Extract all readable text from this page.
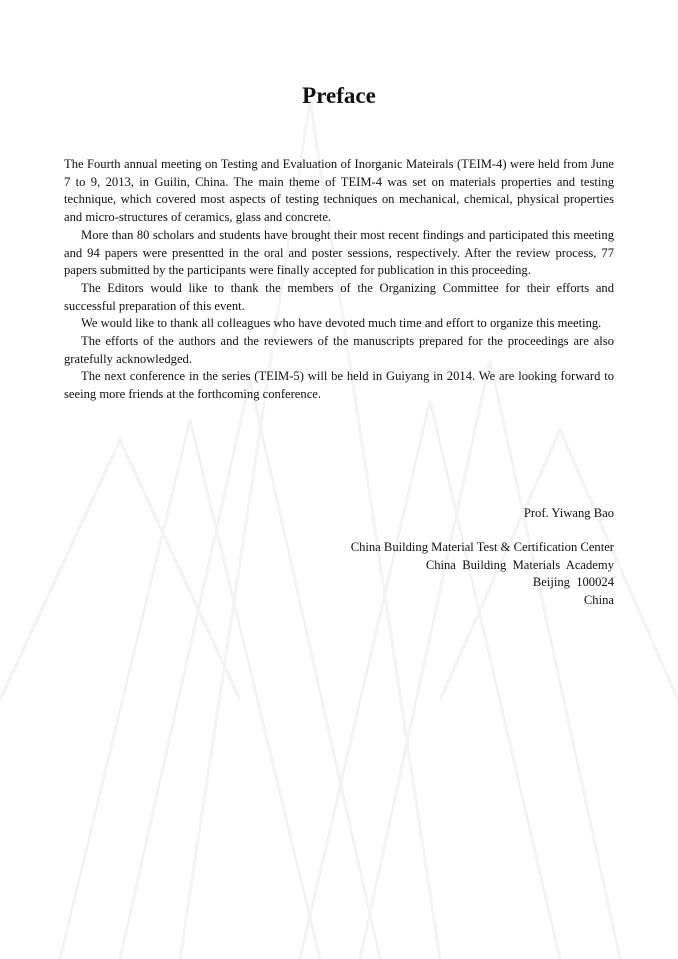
Preface

The Fourth annual meeting on Testing and Evaluation of Inorganic Mateirals (TEIM-4) were held from June 7 to 9, 2013, in Guilin, China. The main theme of TEIM-4 was set on materials properties and testing technique, which covered most aspects of testing techniques on mechanical, chemical, physical properties and micro-structures of ceramics, glass and concrete.

More than 80 scholars and students have brought their most recent findings and participated this meeting and 94 papers were presentted in the oral and poster sessions, respectively. After the review process, 77 papers submitted by the participants were finally accepted for publication in this proceeding.

The Editors would like to thank the members of the Organizing Committee for their efforts and successful preparation of this event.

We would like to thank all colleagues who have devoted much time and effort to organize this meeting.

The efforts of the authors and the reviewers of the manuscripts prepared for the proceedings are also gratefully acknowledged.

The next conference in the series (TEIM-5) will be held in Guiyang in 2014. We are looking forward to seeing more friends at the forthcoming conference.

Prof. Yiwang Bao

China Building Material Test & Certification Center

China  Building  Materials  Academy

Beijing  100024

China
